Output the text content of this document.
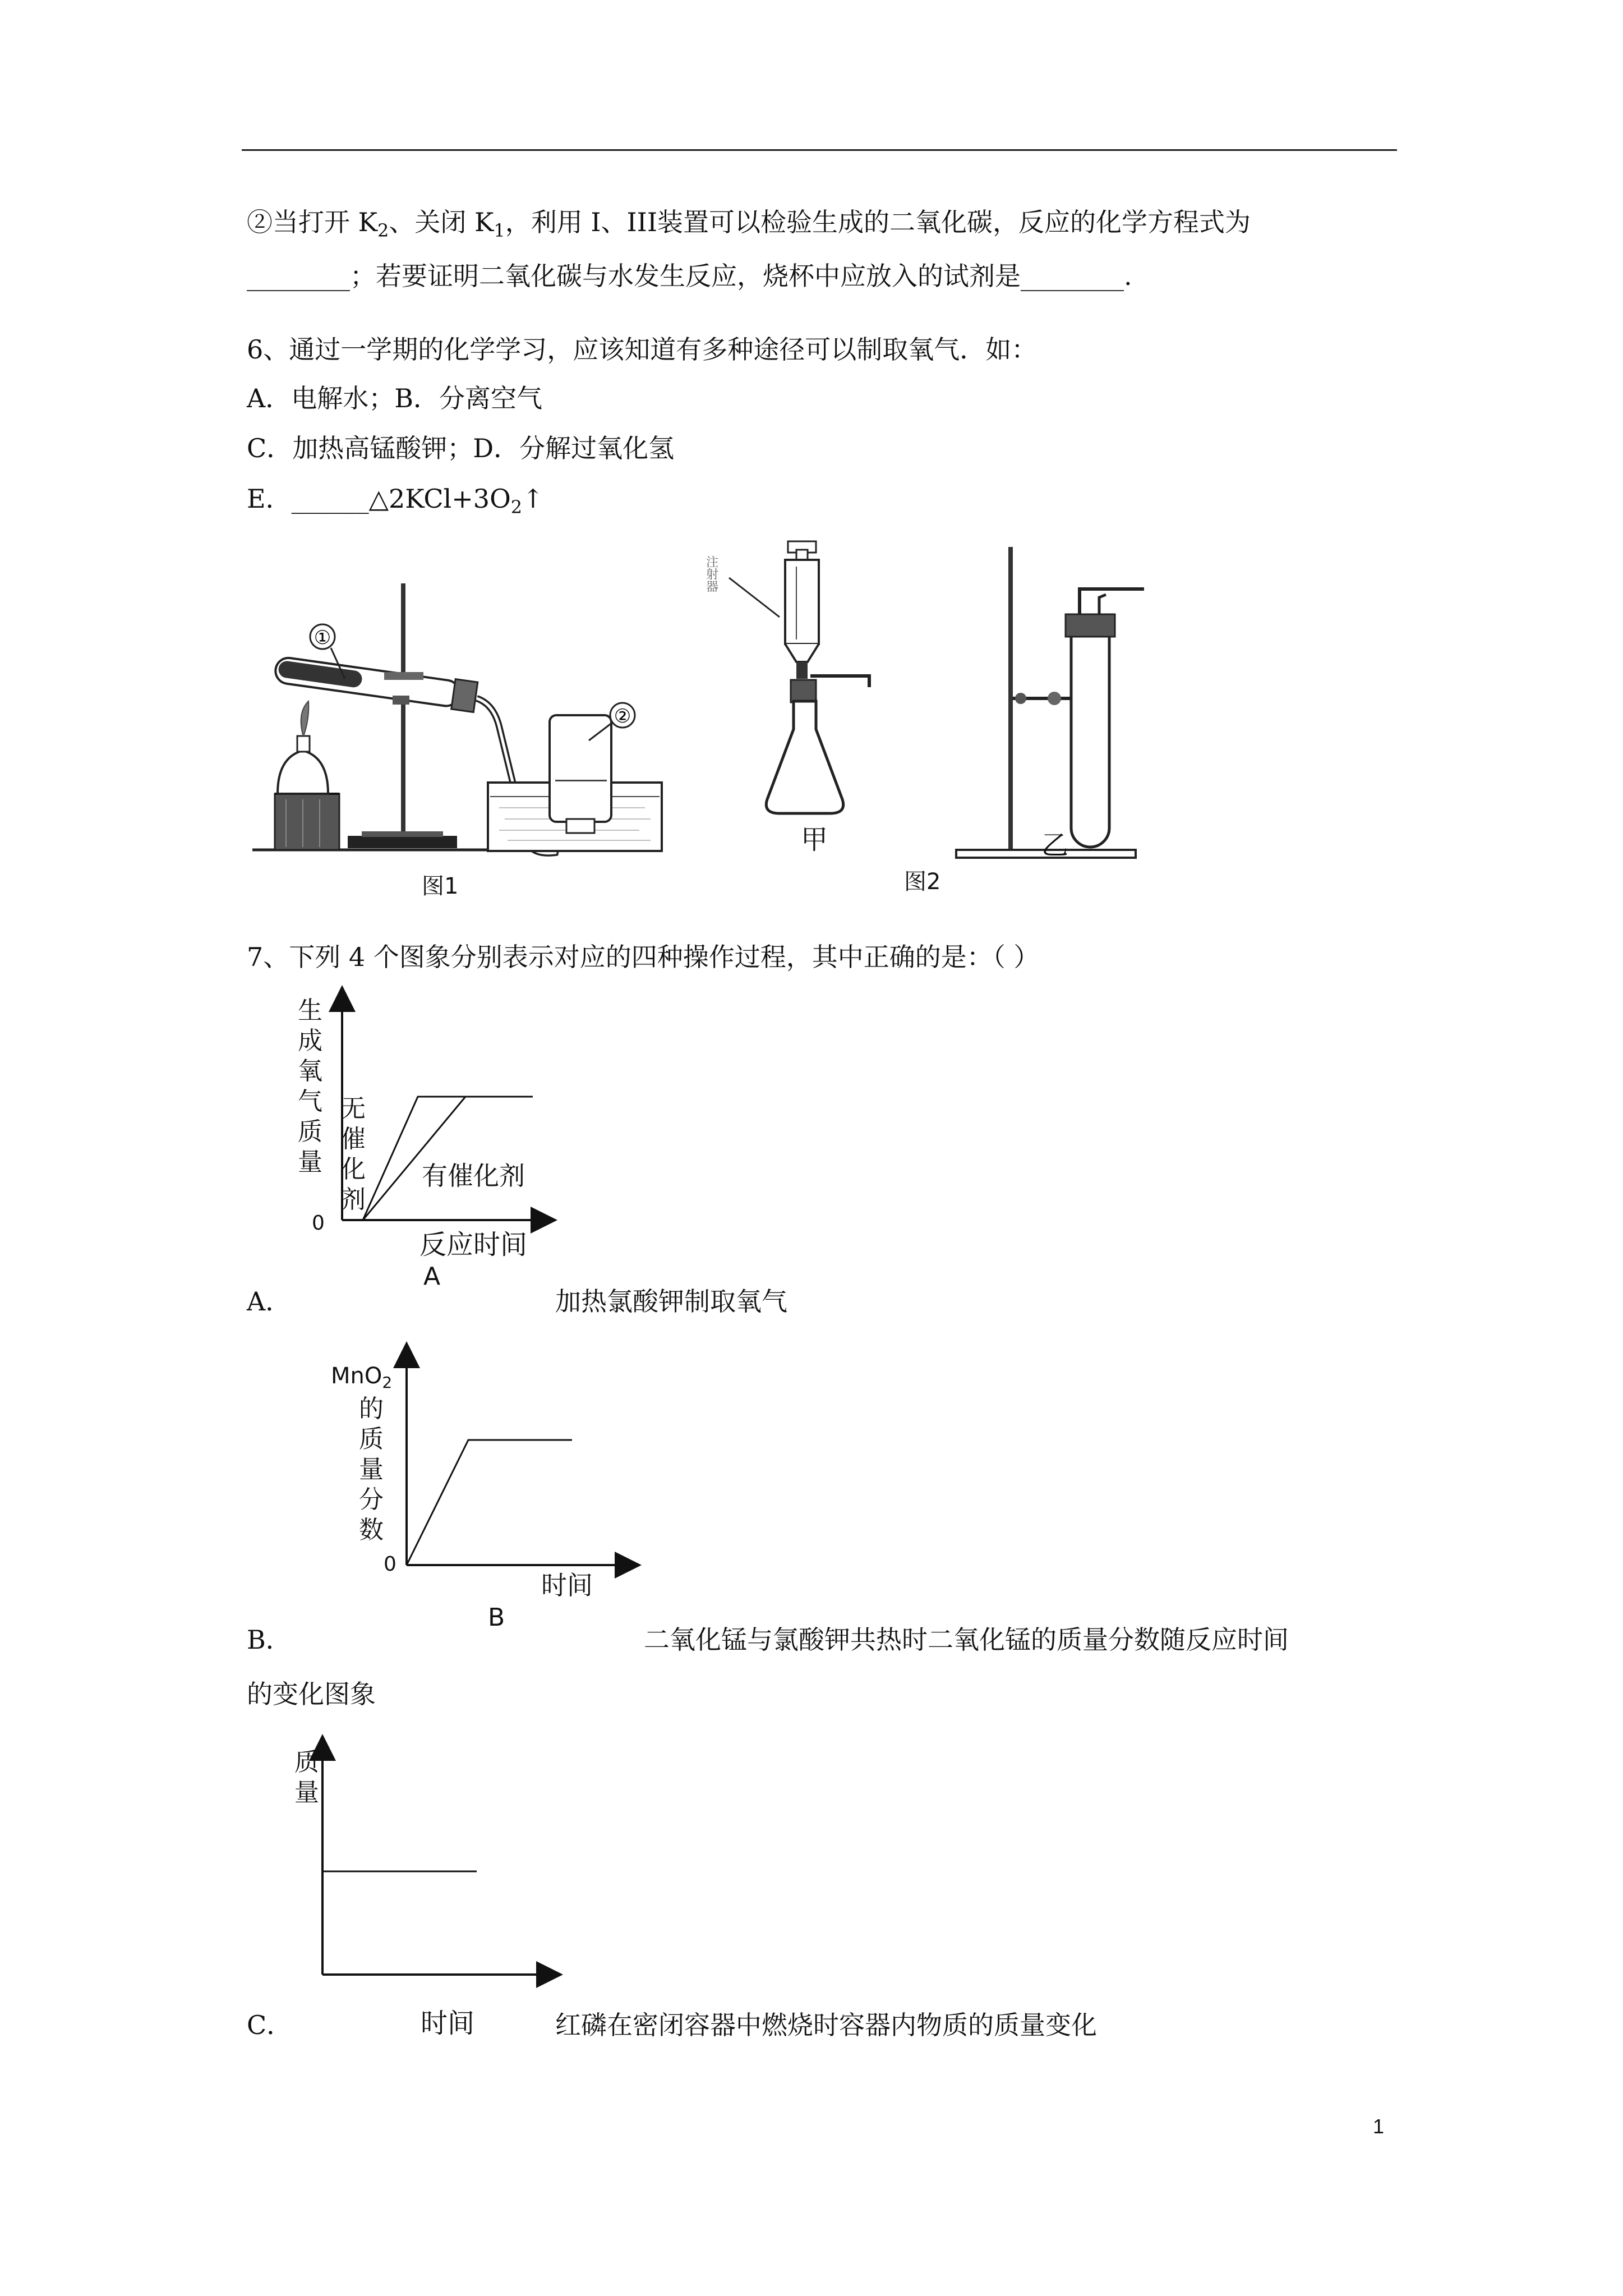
②当打开 $K_2$、关闭 $K_1$，利用 I、III装置可以检验生成的二氧化碳，反应的化学方程式为
________；若要证明二氧化碳与水发生反应，烧杯中应放入的试剂是________.
6、通过一学期的化学学习，应该知道有多种途径可以制取氧气．如：
A．电解水；B．分离空气
C．加热高锰酸钾；D．分解过氧化氢
E．$\_\_\_\_\_\_\triangle 2KCl+3O_2↑$
①
②
图1
注射器
甲	乙
图2
7、下列 4 个图象分别表示对应的四种操作过程，其中正确的是：（ ）
生成氧气质量
无催化剂
有催化剂
0
反应时间
A
A．	加热氯酸钾制取氧气
MnO$_2$
的质量分数
0
时间
B
B．	二氧化锰与氯酸钾共热时二氧化锰的质量分数随反应时间
的变化图象
质量
时间
C．	红磷在密闭容器中燃烧时容器内物质的质量变化
1
